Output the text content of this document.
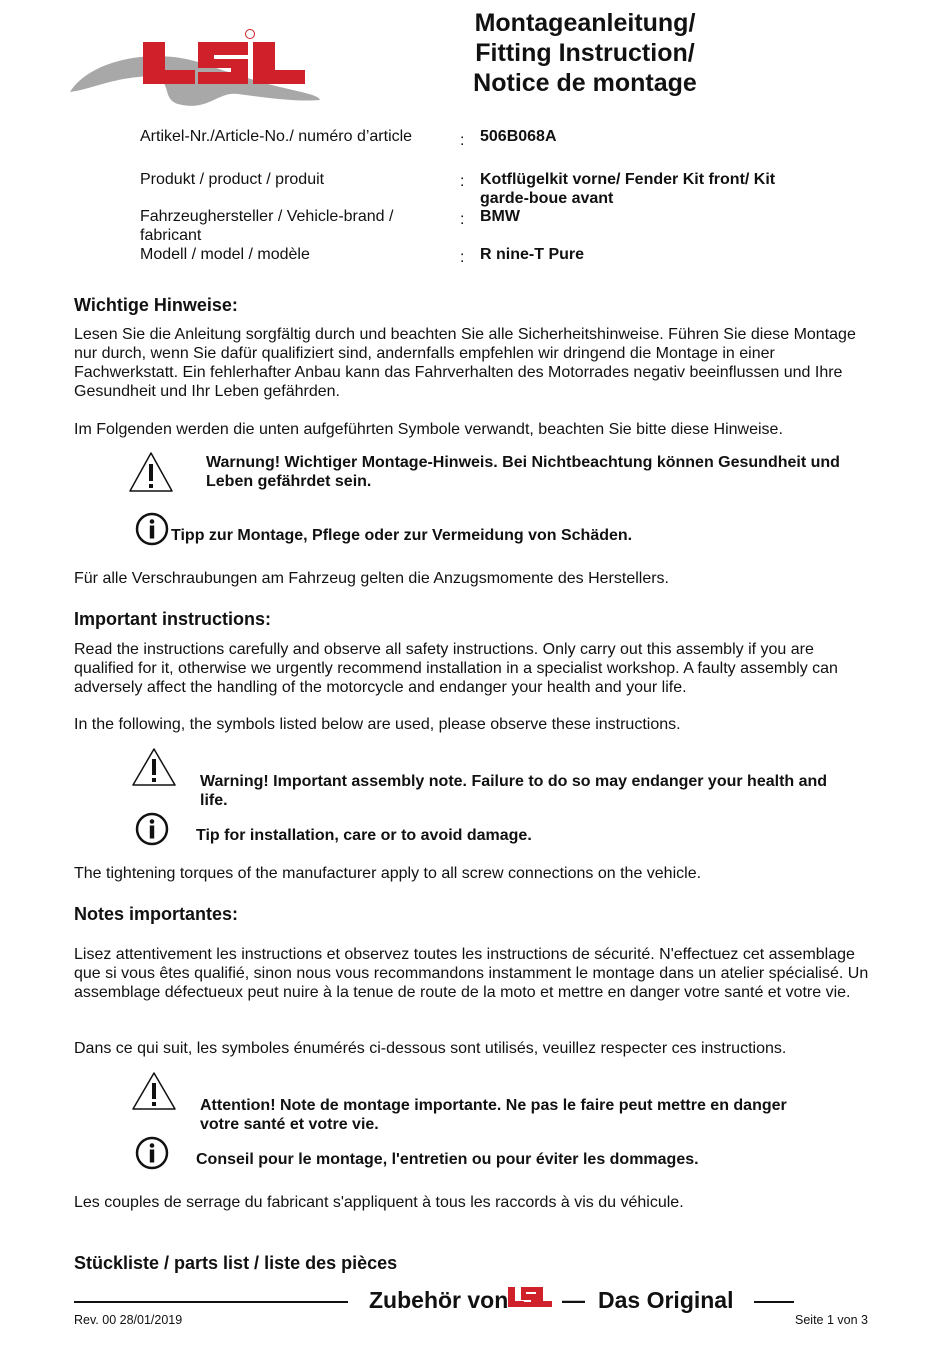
Montageanleitung/
Fitting Instruction/
Notice de montage
Artikel-Nr./Article-No./ numéro d’article	: 506B068A
Produkt / product / produit	: Kotflügelkit vorne/ Fender Kit front/ Kit garde-boue avant
Fahrzeughersteller / Vehicle-brand / fabricant
: BMW
Modell / model / modèle	: R nine-T Pure
Wichtige Hinweise:
Lesen Sie die Anleitung sorgfältig durch und beachten Sie alle Sicherheitshinweise. Führen Sie diese Montage nur durch, wenn Sie dafür qualifiziert sind, andernfalls empfehlen wir dringend die Montage in einer Fachwerkstatt. Ein fehlerhafter Anbau kann das Fahrverhalten des Motorrades negativ beeinflussen und Ihre Gesundheit und Ihr Leben gefährden.
Im Folgenden werden die unten aufgeführten Symbole verwandt, beachten Sie bitte diese Hinweise.
Warnung! Wichtiger Montage-Hinweis. Bei Nichtbeachtung können Gesundheit und Leben gefährdet sein.
Tipp zur Montage, Pflege oder zur Vermeidung von Schäden.
Für alle Verschraubungen am Fahrzeug gelten die Anzugsmomente des Herstellers.
Important instructions:
Read the instructions carefully and observe all safety instructions. Only carry out this assembly if you are qualified for it, otherwise we urgently recommend installation in a specialist workshop. A faulty assembly can adversely affect the handling of the motorcycle and endanger your health and your life.
In the following, the symbols listed below are used, please observe these instructions.
Warning! Important assembly note. Failure to do so may endanger your health and life.
Tip for installation, care or to avoid damage.
The tightening torques of the manufacturer apply to all screw connections on the vehicle.
Notes importantes:
Lisez attentivement les instructions et observez toutes les instructions de sécurité. N'effectuez cet assemblage que si vous êtes qualifié, sinon nous vous recommandons instamment le montage dans un atelier spécialisé. Un assemblage défectueux peut nuire à la tenue de route de la moto et mettre en danger votre santé et votre vie.
Dans ce qui suit, les symboles énumérés ci-dessous sont utilisés, veuillez respecter ces instructions.
Attention! Note de montage importante. Ne pas le faire peut mettre en danger votre santé et votre vie.
Conseil pour le montage, l'entretien ou pour éviter les dommages.
Les couples de serrage du fabricant s'appliquent à tous les raccords à vis du véhicule.
Stückliste / parts list / liste des pièces
Zubehör von — Das Original
Rev. 00 28/01/2019	Seite 1 von 3
